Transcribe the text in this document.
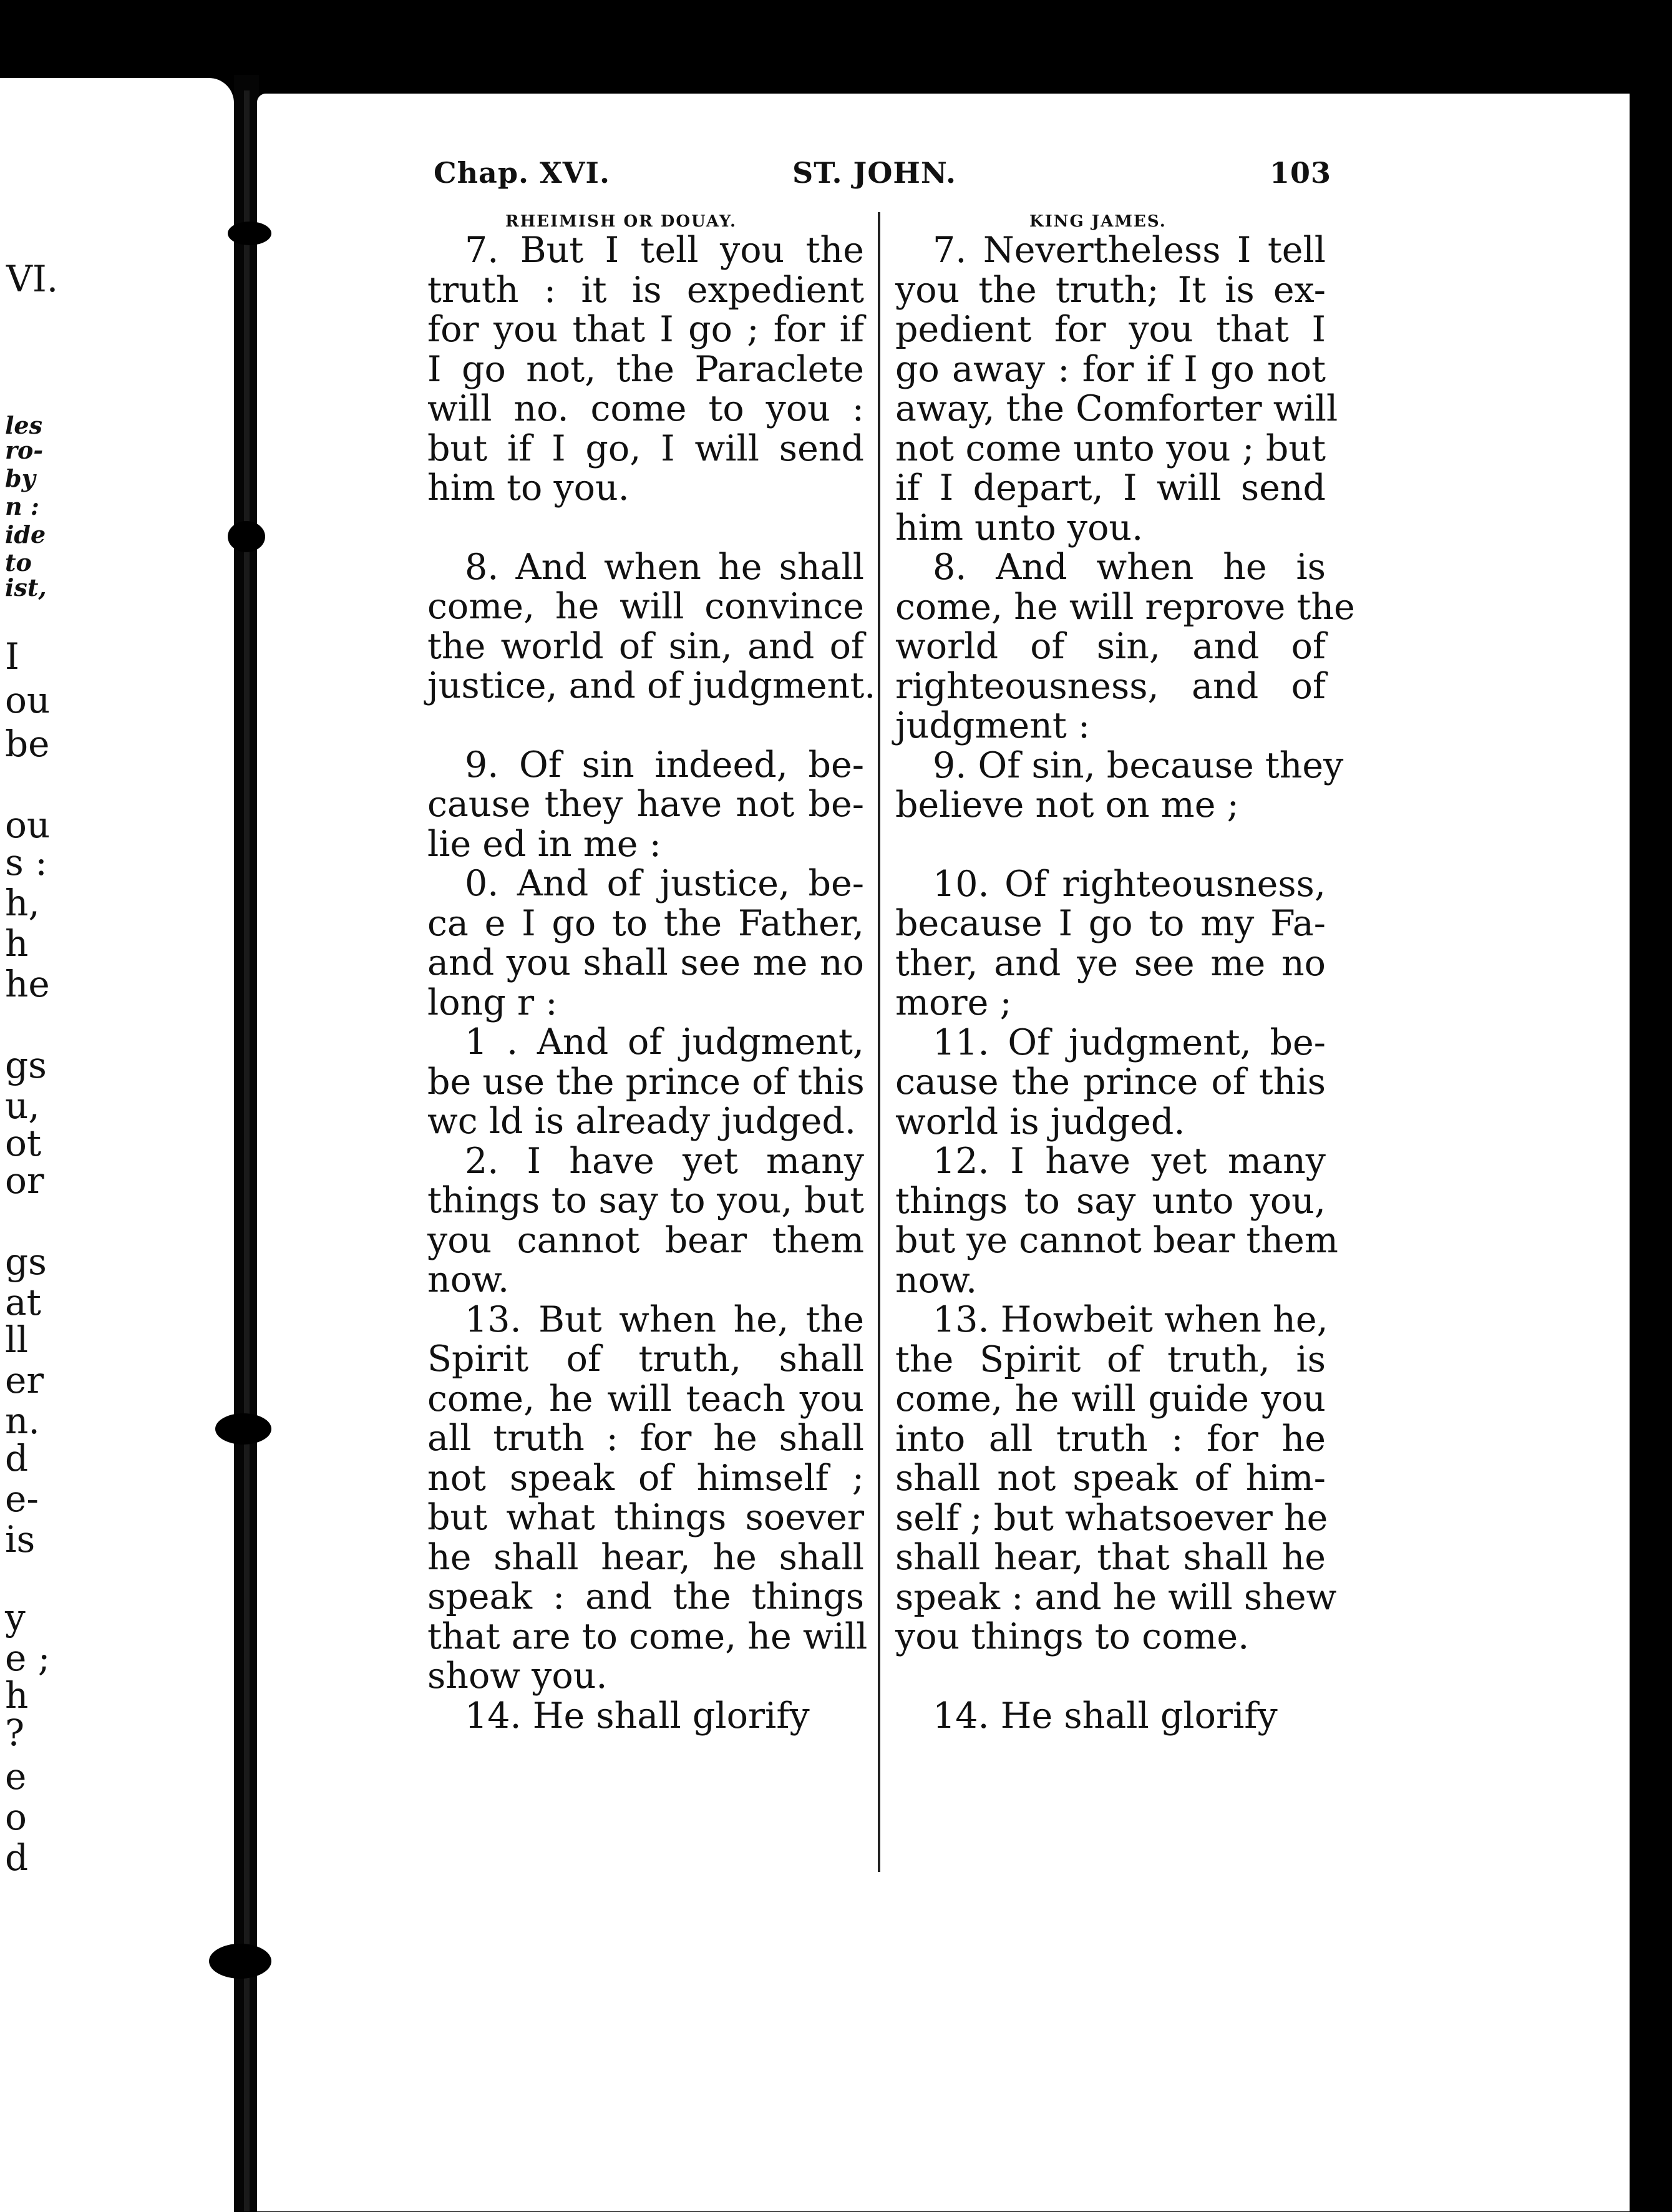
VI.
les
ro-
by
n :
ide
to
ist,
I
ou
be
ou
s :
h,
h
he
gs
u,
ot
or
gs
at
ll
er
n.
d
e-
is
y
e ;
h
?
e
o
d
Chap. XVI.	ST. JOHN.	103
RHEIMISH OR DOUAY.	KING JAMES.
7. But I tell you the
truth : it is expedient
for you that I go ; for if
I go not, the Paraclete
will no. come to you :
but if I go, I will send
him to you.
8. And when he shall
come, he will convince
the world of sin, and of
justice, and of judgment.
9. Of sin indeed, be-
cause they have not be-
lie ed in me :
0. And of justice, be-
ca e I go to the Father,
and you shall see me no
long r :
1 . And of judgment,
be use the prince of this
wc ld is already judged.
2. I have yet many
things to say to you, but
you cannot bear them
now.
13. But when he, the
Spirit of truth, shall
come, he will teach you
all truth : for he shall
not speak of himself ;
but what things soever
he shall hear, he shall
speak : and the things
that are to come, he will
show you.
14. He shall glorify
7. Nevertheless I tell
you the truth; It is ex-
pedient for you that I
go away : for if I go not
away, the Comforter will
not come unto you ; but
if I depart, I will send
him unto you.
8. And when he is
come, he will reprove the
world of sin, and of
righteousness, and of
judgment :
9. Of sin, because they
believe not on me ;
10. Of righteousness,
because I go to my Fa-
ther, and ye see me no
more ;
11. Of judgment, be-
cause the prince of this
world is judged.
12. I have yet many
things to say unto you,
but ye cannot bear them
now.
13. Howbeit when he,
the Spirit of truth, is
come, he will guide you
into all truth : for he
shall not speak of him-
self ; but whatsoever he
shall hear, that shall he
speak : and he will shew
you things to come.
14. He shall glorify
